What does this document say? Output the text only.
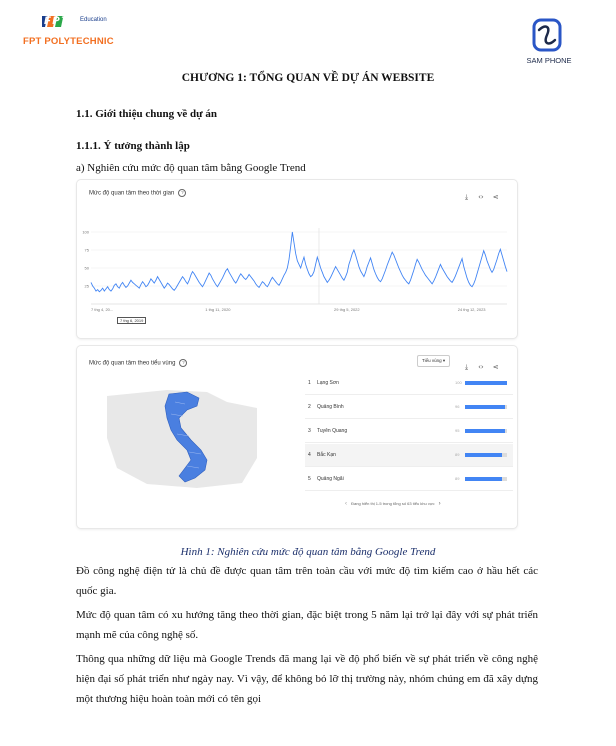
FPT Education
FPT POLYTECHNIC
SAM PHONE
CHƯƠNG 1: TỔNG QUAN VỀ DỰ ÁN WEBSITE
1.1. Giới thiệu chung về dự án
1.1.1. Ý tưởng thành lập
a) Nghiên cứu mức độ quan tâm bằng Google Trend
Mức độ quan tâm theo thời gian ?
⤓ ‹› ⋖
100
75
50
25
7 thg 4, 20...	1 thg 11, 2020	29 thg 5, 2022	24 thg 12, 2023
7 thg 6, 2019
Mức độ quan tâm theo tiểu vùng ?	Tiểu vùng ▾
⤓ ‹› ⋖
‹ Đang hiển thị 1-5 trong tổng số 63 tiểu khu vực ›
1 Lạng Sơn	100
2 Quảng Bình	96
3 Tuyên Quang	95
4 Bắc Kạn	89
5 Quảng Ngãi	89
Hình 1: Nghiên cứu mức độ quan tâm bằng Google Trend
Đồ công nghệ điện tử là chủ đề được quan tâm trên toàn cầu với mức độ tìm kiếm cao ở hầu hết các quốc gia.
Mức độ quan tâm có xu hướng tăng theo thời gian, đặc biệt trong 5 năm lại trở lại đây với sự phát triển mạnh mẽ của công nghệ số.
Thông qua những dữ liệu mà Google Trends đã mang lại về độ phổ biến về sự phát triển về công nghệ hiện đại số phát triển như ngày nay. Vì vậy, để không bỏ lỡ thị trường này, nhóm chúng em đã xây dựng một thương hiệu hoàn toàn mới có tên gọi
